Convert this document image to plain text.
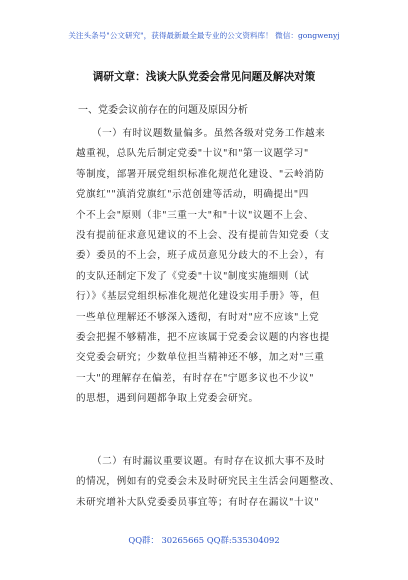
关注头条号"公文研究"，获得最新最全最专业的公文资料库！ 微信：gongwenyj
调研文章：浅谈大队党委会常见问题及解决对策
一、党委会议前存在的问题及原因分析
（一）有时议题数量偏多。虽然各级对党务工作越来
越重视，总队先后制定党委"十议"和"第一议题学习"
等制度，部署开展党组织标准化规范化建设、"云岭消防
党旗红""滇消党旗红"示范创建等活动，明确提出"四
个不上会"原则（非"三重一大"和"十议"议题不上会、
没有提前征求意见建议的不上会、没有提前告知党委（支
委）委员的不上会，班子成员意见分歧大的不上会），有
的支队还制定下发了《党委"十议"制度实施细则（试
行）》《基层党组织标准化规范化建设实用手册》等，但
一些单位理解还不够深入透彻，有时对"应不应该"上党
委会把握不够精准，把不应该属于党委会议题的内容也提
交党委会研究；少数单位担当精神还不够，加之对"三重
一大"的理解存在偏差，有时存在"宁愿多议也不少议"
的思想，遇到问题都争取上党委会研究。
（二）有时漏议重要议题。有时存在议抓大事不及时
的情况，例如有的党委会未及时研究民主生活会问题整改、
未研究增补大队党委委员事宜等；有时存在漏议"十议"
QQ群： 30265665 QQ群:535304092
